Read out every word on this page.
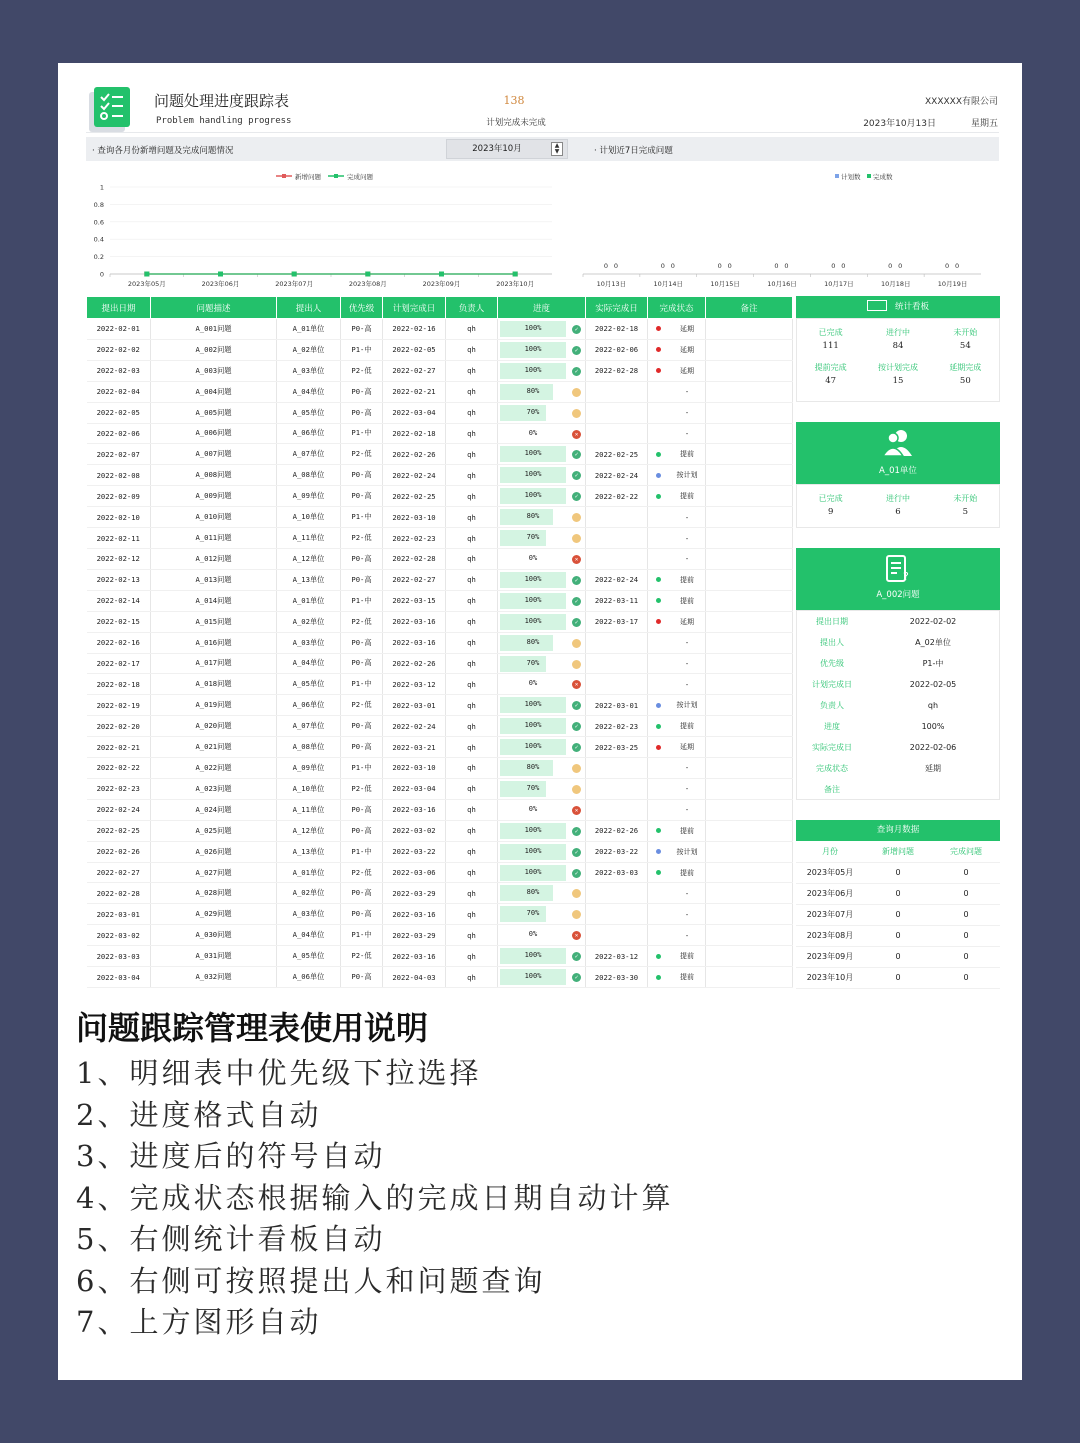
问题处理进度跟踪表
Problem handling progress
138
计划完成未完成
XXXXXX有限公司
2023年10月13日	星期五
· 查询各月份新增问题及完成问题情况	2023年10月	▲
▼	· 计划近7日完成问题
新增问题	完成问题
0
0.2
0.4
0.6
0.8
1
2023年05月	2023年06月	2023年07月	2023年08月	2023年09月	2023年10月
计划数 完成数
10月13日
0 0
10月14日
0 0
10月15日
0 0
10月16日
0 0
10月17日
0 0
10月18日
0 0
10月19日
0 0
提出日期	问题描述	提出人	优先级	计划完成日	负责人	进度	实际完成日	完成状态	备注
2022-02-01	A_001问题	A_01单位	P0-高	2022-02-16	qh	100% ✓	2022-02-18	延期	
2022-02-02	A_002问题	A_02单位	P1-中	2022-02-05	qh	100% ✓	2022-02-06	延期	
2022-02-03	A_003问题	A_03单位	P2-低	2022-02-27	qh	100% ✓	2022-02-28	延期	
2022-02-04	A_004问题	A_04单位	P0-高	2022-02-21	qh	80%		-	
2022-02-05	A_005问题	A_05单位	P0-高	2022-03-04	qh	70%		-	
2022-02-06	A_006问题	A_06单位	P1-中	2022-02-18	qh	0% ✕		-	
2022-02-07	A_007问题	A_07单位	P2-低	2022-02-26	qh	100% ✓	2022-02-25	提前	
2022-02-08	A_008问题	A_08单位	P0-高	2022-02-24	qh	100% ✓	2022-02-24	按计划	
2022-02-09	A_009问题	A_09单位	P0-高	2022-02-25	qh	100% ✓	2022-02-22	提前	
2022-02-10	A_010问题	A_10单位	P1-中	2022-03-10	qh	80%		-	
2022-02-11	A_011问题	A_11单位	P2-低	2022-02-23	qh	70%		-	
2022-02-12	A_012问题	A_12单位	P0-高	2022-02-28	qh	0% ✕		-	
2022-02-13	A_013问题	A_13单位	P0-高	2022-02-27	qh	100% ✓	2022-02-24	提前	
2022-02-14	A_014问题	A_01单位	P1-中	2022-03-15	qh	100% ✓	2022-03-11	提前	
2022-02-15	A_015问题	A_02单位	P2-低	2022-03-16	qh	100% ✓	2022-03-17	延期	
2022-02-16	A_016问题	A_03单位	P0-高	2022-03-16	qh	80%		-	
2022-02-17	A_017问题	A_04单位	P0-高	2022-02-26	qh	70%		-	
2022-02-18	A_018问题	A_05单位	P1-中	2022-03-12	qh	0% ✕		-	
2022-02-19	A_019问题	A_06单位	P2-低	2022-03-01	qh	100% ✓	2022-03-01	按计划	
2022-02-20	A_020问题	A_07单位	P0-高	2022-02-24	qh	100% ✓	2022-02-23	提前	
2022-02-21	A_021问题	A_08单位	P0-高	2022-03-21	qh	100% ✓	2022-03-25	延期	
2022-02-22	A_022问题	A_09单位	P1-中	2022-03-10	qh	80%		-	
2022-02-23	A_023问题	A_10单位	P2-低	2022-03-04	qh	70%		-	
2022-02-24	A_024问题	A_11单位	P0-高	2022-03-16	qh	0% ✕		-	
2022-02-25	A_025问题	A_12单位	P0-高	2022-03-02	qh	100% ✓	2022-02-26	提前	
2022-02-26	A_026问题	A_13单位	P1-中	2022-03-22	qh	100% ✓	2022-03-22	按计划	
2022-02-27	A_027问题	A_01单位	P2-低	2022-03-06	qh	100% ✓	2022-03-03	提前	
2022-02-28	A_028问题	A_02单位	P0-高	2022-03-29	qh	80%		-	
2022-03-01	A_029问题	A_03单位	P0-高	2022-03-16	qh	70%		-	
2022-03-02	A_030问题	A_04单位	P1-中	2022-03-29	qh	0% ✕		-	
2022-03-03	A_031问题	A_05单位	P2-低	2022-03-16	qh	100% ✓	2022-03-12	提前	
2022-03-04	A_032问题	A_06单位	P0-高	2022-04-03	qh	100% ✓	2022-03-30	提前	
统计看板
已完成
111
进行中
84
未开始
54
提前完成
47
按计划完成
15
延期完成
50
A_01单位
已完成
9
进行中
6
未开始
5
?
A_002问题
提出日期	2022-02-02
提出人	A_02单位
优先级	P1-中
计划完成日	2022-02-05
负责人	qh
进度	100%
实际完成日	2022-02-06
完成状态	延期
备注
查询月数据
月份	新增问题	完成问题
2023年05月	0	0
2023年06月	0	0
2023年07月	0	0
2023年08月	0	0
2023年09月	0	0
2023年10月	0	0
问题跟踪管理表使用说明
1、明细表中优先级下拉选择
2、进度格式自动
3、进度后的符号自动
4、完成状态根据输入的完成日期自动计算
5、右侧统计看板自动
6、右侧可按照提出人和问题查询
7、上方图形自动
